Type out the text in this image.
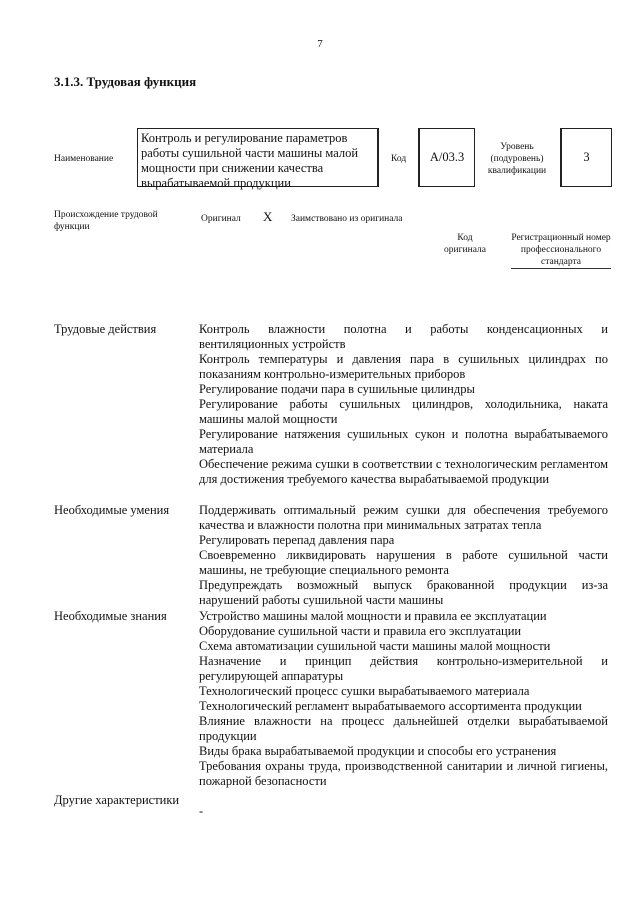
7
3.1.3. Трудовая функция
Наименование
Контроль и регулирование параметров работы сушильной части машины малой мощности при снижении качества вырабатываемой продукции
Код А/03.3
Уровень (подуровень) квалификации
3
Происхождение трудовой функции
Оригинал X Заимствовано из оригинала
Код оригинала
Регистрационный номер профессионального стандарта
Трудовые действия	Контроль влажности полотна и работы конденсационных и вентиляционных устройств

Контроль температуры и давления пара в сушильных цилиндрах по показаниям контрольно-измерительных приборов

Регулирование подачи пара в сушильные цилиндры

Регулирование работы сушильных цилиндров, холодильника, наката машины малой мощности

Регулирование натяжения сушильных сукон и полотна вырабатываемого материала

Обеспечение режима сушки в соответствии с технологическим регламентом для достижения требуемого качества вырабатываемой продукции

Необходимые умения	Поддерживать оптимальный режим сушки для обеспечения требуемого качества и влажности полотна при минимальных затратах тепла

Регулировать перепад давления пара

Своевременно ликвидировать нарушения в работе сушильной части машины, не требующие специального ремонта

Предупреждать возможный выпуск бракованной продукции из-за нарушений работы сушильной части машины

Необходимые знания	Устройство машины малой мощности и правила ее эксплуатации

Оборудование сушильной части и правила его эксплуатации

Схема автоматизации сушильной части машины малой мощности

Назначение и принцип действия контрольно-измерительной и регулирующей аппаратуры

Технологический процесс сушки вырабатываемого материала

Технологический регламент вырабатываемого ассортимента продукции

Влияние влажности на процесс дальнейшей отделки вырабатываемой продукции

Виды брака вырабатываемой продукции и способы его устранения

Требования охраны труда, производственной санитарии и личной гигиены, пожарной безопасности

Другие характеристики
-
